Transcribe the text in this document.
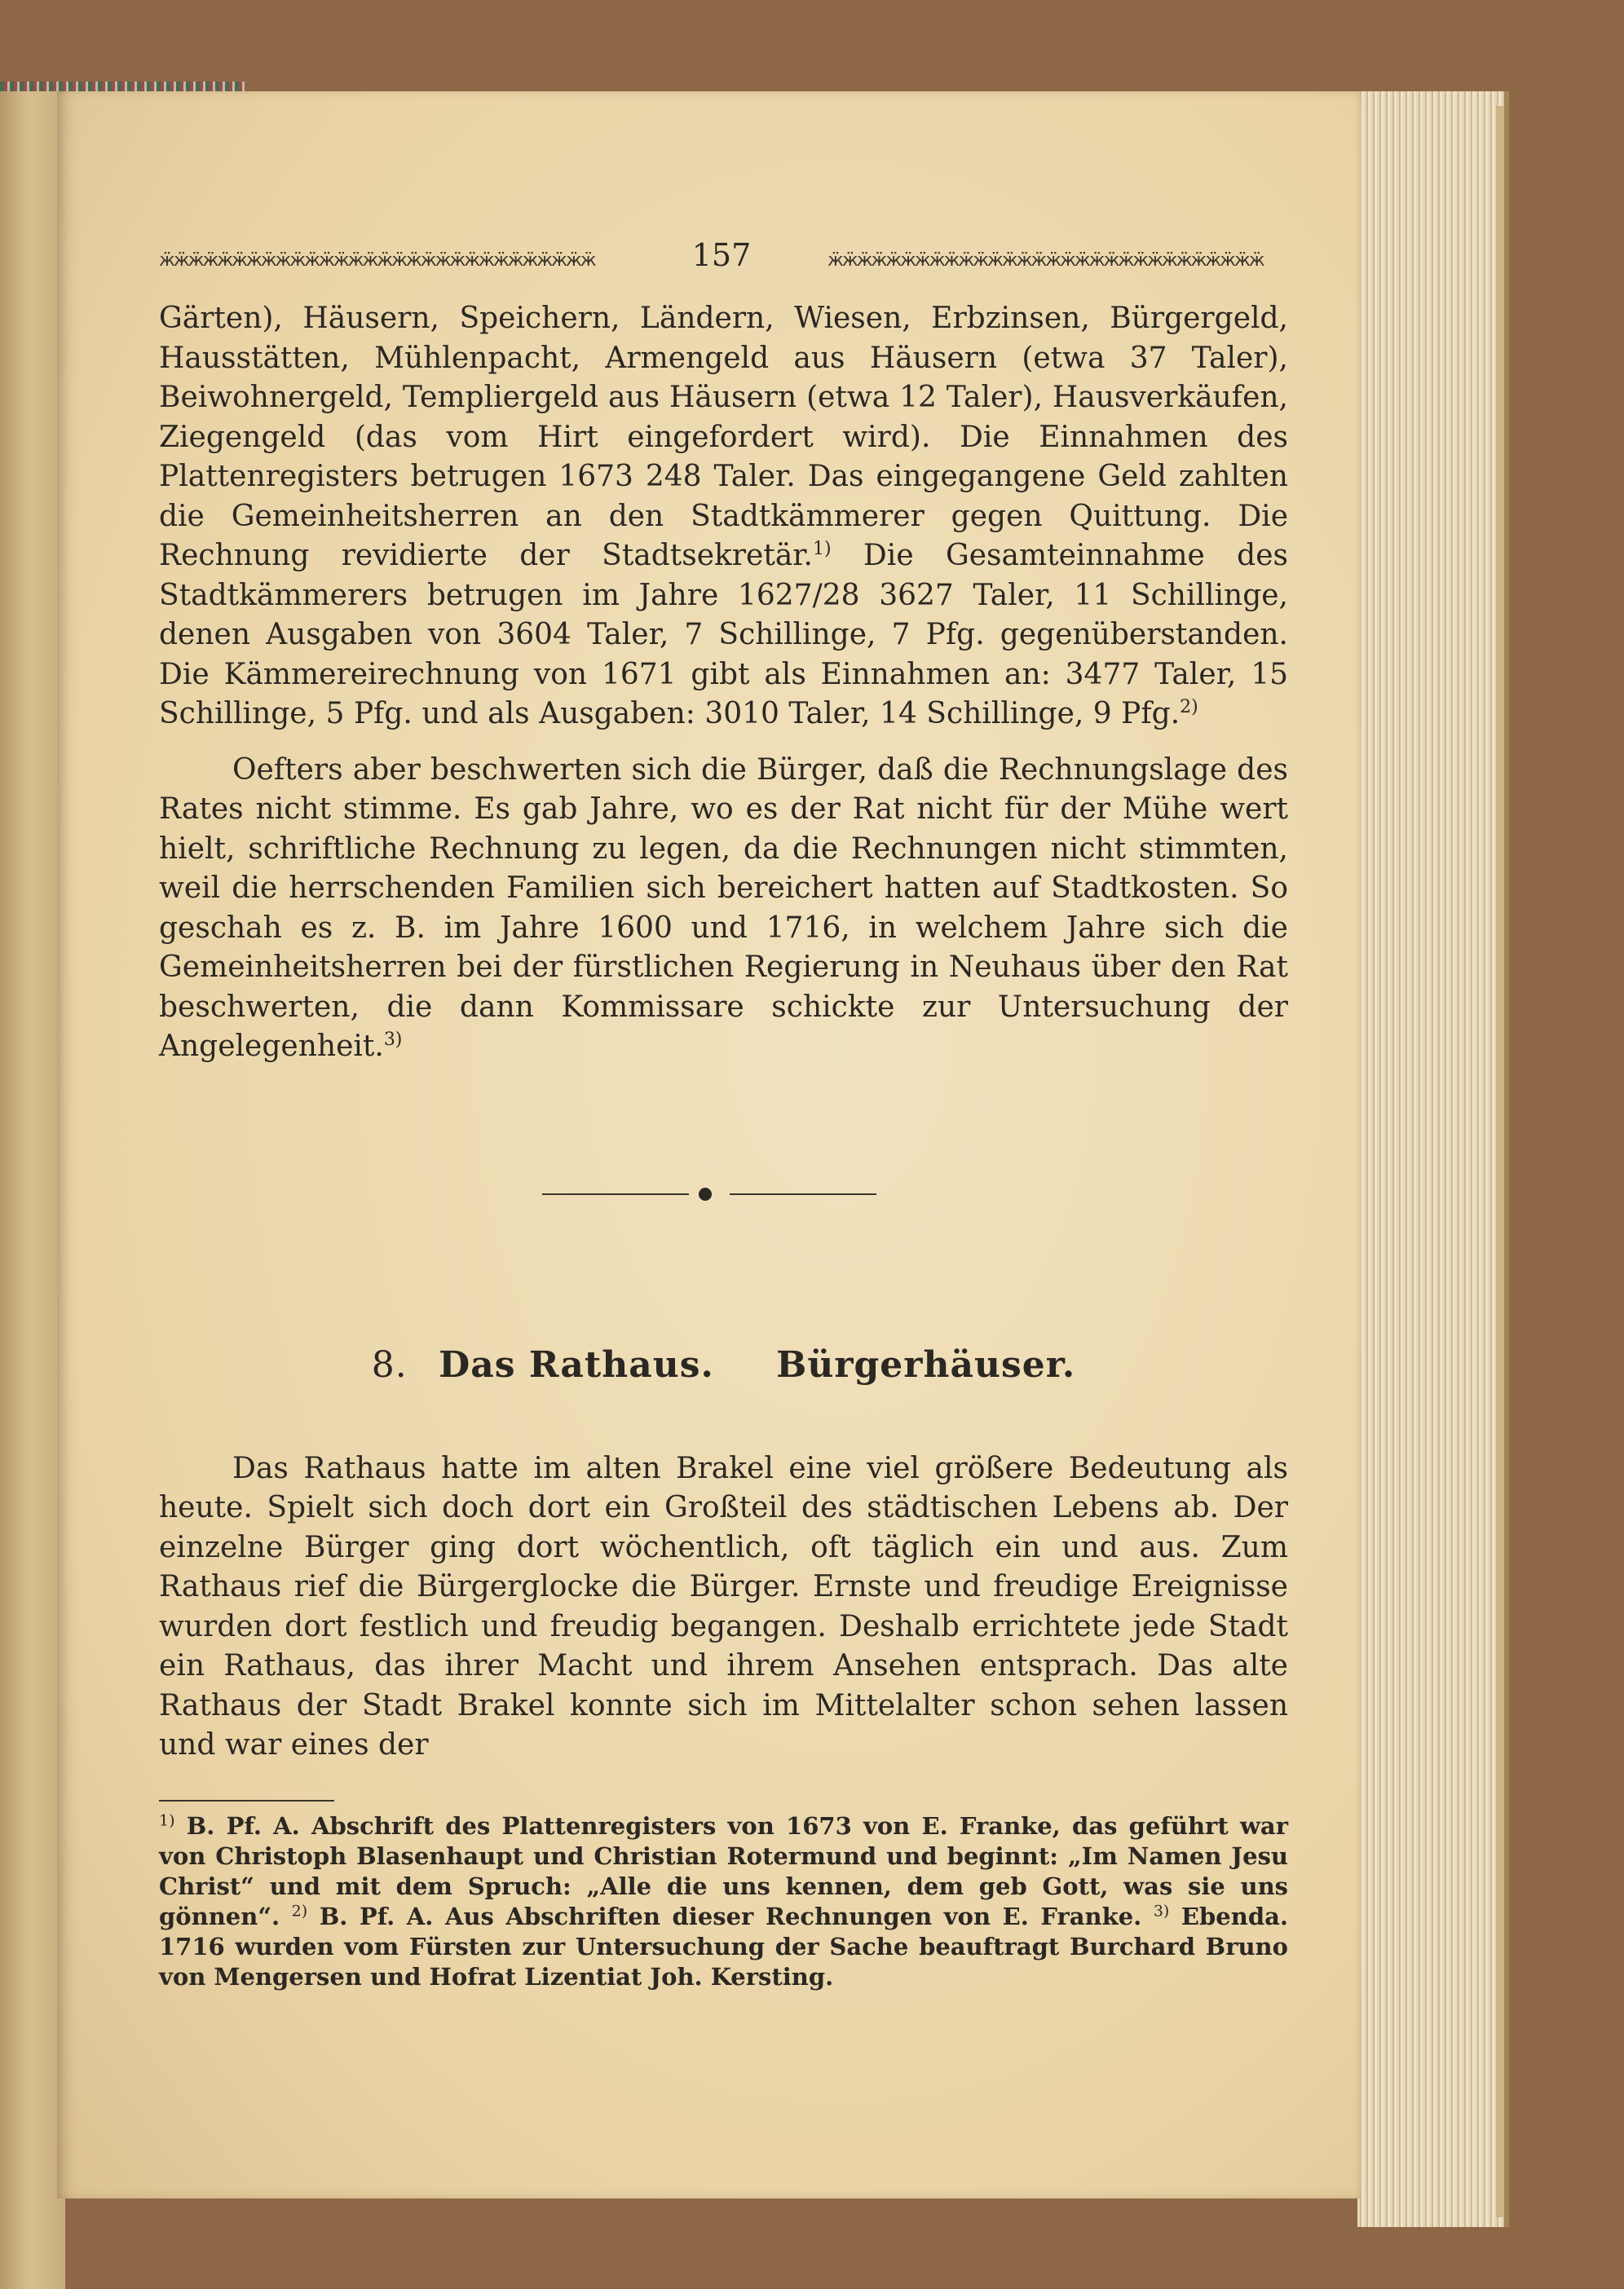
ӝӝӝӝӝӝӝӝӝӝӝӝӝӝӝӝӝӝӝӝӝӝӝӝӝӝӝӝӝӝ	157	ӝӝӝӝӝӝӝӝӝӝӝӝӝӝӝӝӝӝӝӝӝӝӝӝӝӝӝӝӝӝ

Gärten), Häusern, Speichern, Ländern, Wiesen, Erbzinsen, Bürgergeld, Hausstätten, Mühlenpacht, Armengeld aus Häusern (etwa 37 Taler), Beiwohnergeld, Templiergeld aus Häusern (etwa 12 Taler), Hausverkäufen, Ziegengeld (das vom Hirt eingefordert wird). Die Einnahmen des Plattenregisters betrugen 1673 248 Taler. Das eingegangene Geld zahlten die Gemeinheitsherren an den Stadtkämmerer gegen Quittung. Die Rechnung revidierte der Stadtsekretär.$^{1)}$ Die Gesamteinnahme des Stadtkämmerers betrugen im Jahre 1627/28 3627 Taler, 11 Schillinge, denen Ausgaben von 3604 Taler, 7 Schillinge, 7 Pfg. gegenüberstanden. Die Kämmereirechnung von 1671 gibt als Einnahmen an: 3477 Taler, 15 Schillinge, 5 Pfg. und als Ausgaben: 3010 Taler, 14 Schillinge, 9 Pfg.$^{2)}$

Oefters aber beschwerten sich die Bürger, daß die Rechnungslage des Rates nicht stimme. Es gab Jahre, wo es der Rat nicht für der Mühe wert hielt, schriftliche Rechnung zu legen, da die Rechnungen nicht stimmten, weil die herrschenden Familien sich bereichert hatten auf Stadtkosten. So geschah es z. B. im Jahre 1600 und 1716, in welchem Jahre sich die Gemeinheitsherren bei der fürstlichen Regierung in Neuhaus über den Rat beschwerten, die dann Kommissare schickte zur Untersuchung der Angelegenheit.$^{3)}$

8. Das Rathaus. Bürgerhäuser.

Das Rathaus hatte im alten Brakel eine viel größere Bedeutung als heute. Spielt sich doch dort ein Großteil des städtischen Lebens ab. Der einzelne Bürger ging dort wöchentlich, oft täglich ein und aus. Zum Rathaus rief die Bürgerglocke die Bürger. Ernste und freudige Ereignisse wurden dort festlich und freudig begangen. Deshalb errichtete jede Stadt ein Rathaus, das ihrer Macht und ihrem Ansehen entsprach. Das alte Rathaus der Stadt Brakel konnte sich im Mittelalter schon sehen lassen und war eines der

$^{1)}$ B. Pf. A. Abschrift des Plattenregisters von 1673 von E. Franke, das geführt war von Christoph Blasenhaupt und Christian Rotermund und beginnt: „Im Namen Jesu Christ“ und mit dem Spruch: „Alle die uns kennen, dem geb Gott, was sie uns gönnen“. $^{2)}$ B. Pf. A. Aus Abschriften dieser Rechnungen von E. Franke. $^{3)}$ Ebenda. 1716 wurden vom Fürsten zur Untersuchung der Sache beauftragt Burchard Bruno von Mengersen und Hofrat Lizentiat Joh. Kersting.
